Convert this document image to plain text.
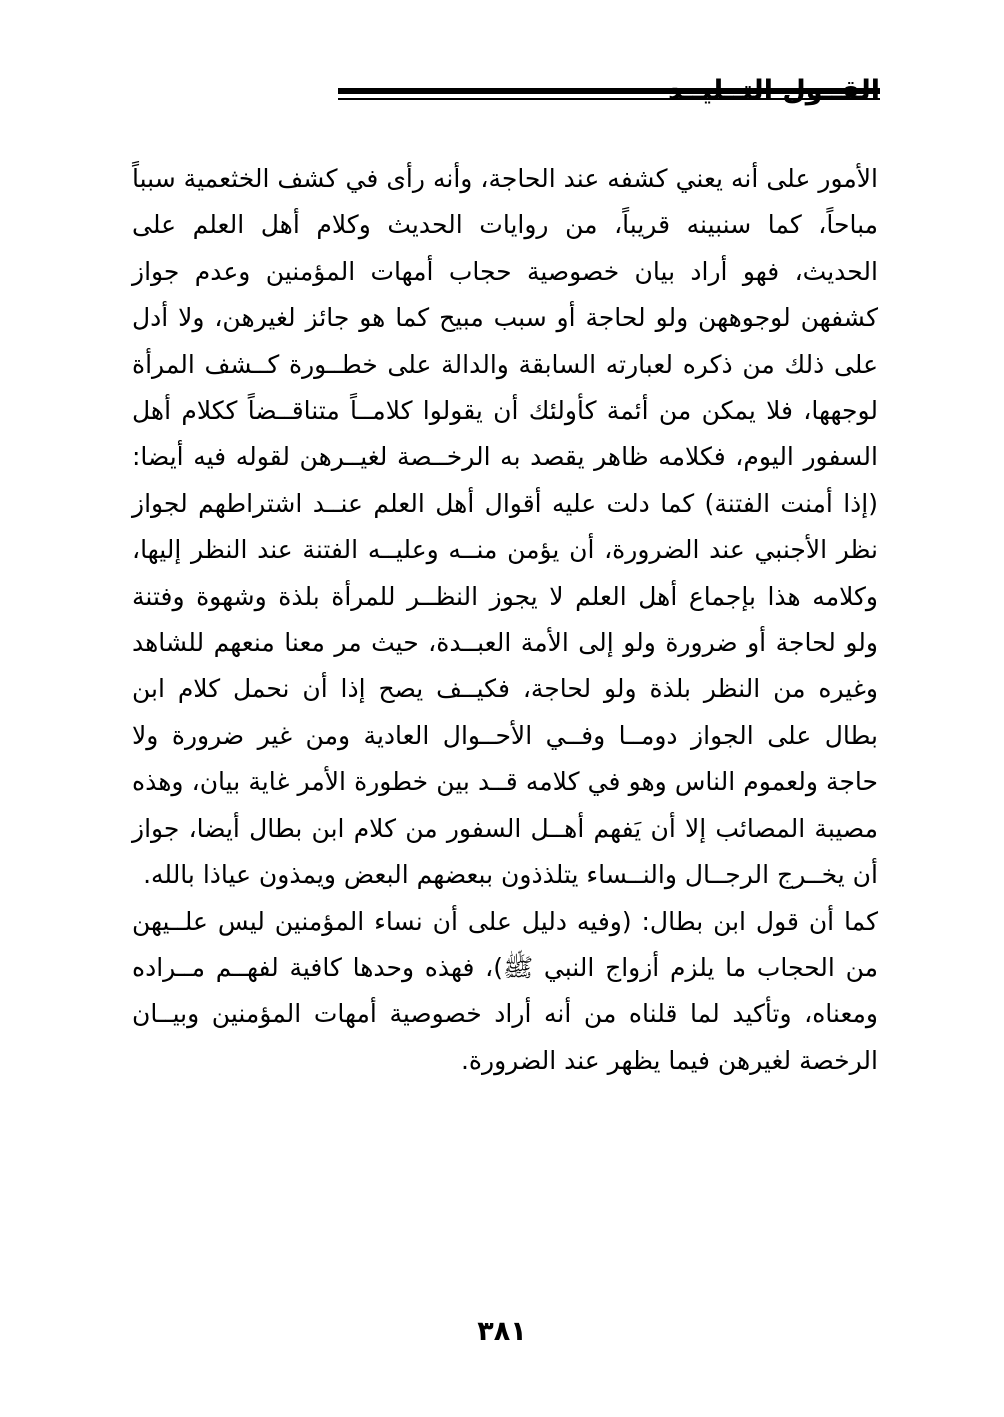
القــول التــليــد

الأمور على أنه يعني كشفه عند الحاجة، وأنه رأى في كشف الخثعمية سبباً مباحاً، كما سنبينه قريباً، من روايات الحديث وكلام أهل العلم على الحديث، فهو أراد بيان خصوصية حجاب أمهات المؤمنين وعدم جواز كشفهن لوجوههن ولو لحاجة أو سبب مبيح كما هو جائز لغيرهن، ولا أدل على ذلك من ذكره لعبارته السابقة والدالة على خطــورة كــشف المرأة لوجهها، فلا يمكن من أئمة كأولئك أن يقولوا كلامــاً متناقــضاً ككلام أهل السفور اليوم، فكلامه ظاهر يقصد به الرخــصة لغيــرهن لقوله فيه أيضا: (إذا أمنت الفتنة) كما دلت عليه أقوال أهل العلم عنــد اشتراطهم لجواز نظر الأجنبي عند الضرورة، أن يؤمن منــه وعليــه الفتنة عند النظر إليها، وكلامه هذا بإجماع أهل العلم لا يجوز النظــر للمرأة بلذة وشهوة وفتنة ولو لحاجة أو ضرورة ولو إلى الأمة العبــدة، حيث مر معنا منعهم للشاهد وغيره من النظر بلذة ولو لحاجة، فكيــف يصح إذا أن نحمل كلام ابن بطال على الجواز دومــا وفــي الأحــوال العادية ومن غير ضرورة ولا حاجة ولعموم الناس وهو في كلامه قــد بين خطورة الأمر غاية بيان، وهذه مصيبة المصائب إلا أن يَفهم أهــل السفور من كلام ابن بطال أيضا، جواز أن يخــرج الرجــال والنــساء يتلذذون ببعضهم البعض ويمذون عياذا بالله.

كما أن قول ابن بطال: (وفيه دليل على أن نساء المؤمنين ليس علــيهن من الحجاب ما يلزم أزواج النبي ﷺ)، فهذه وحدها كافية لفهــم مــراده ومعناه، وتأكيد لما قلناه من أنه أراد خصوصية أمهات المؤمنين وبيــان الرخصة لغيرهن فيما يظهر عند الضرورة.

٣٨١
